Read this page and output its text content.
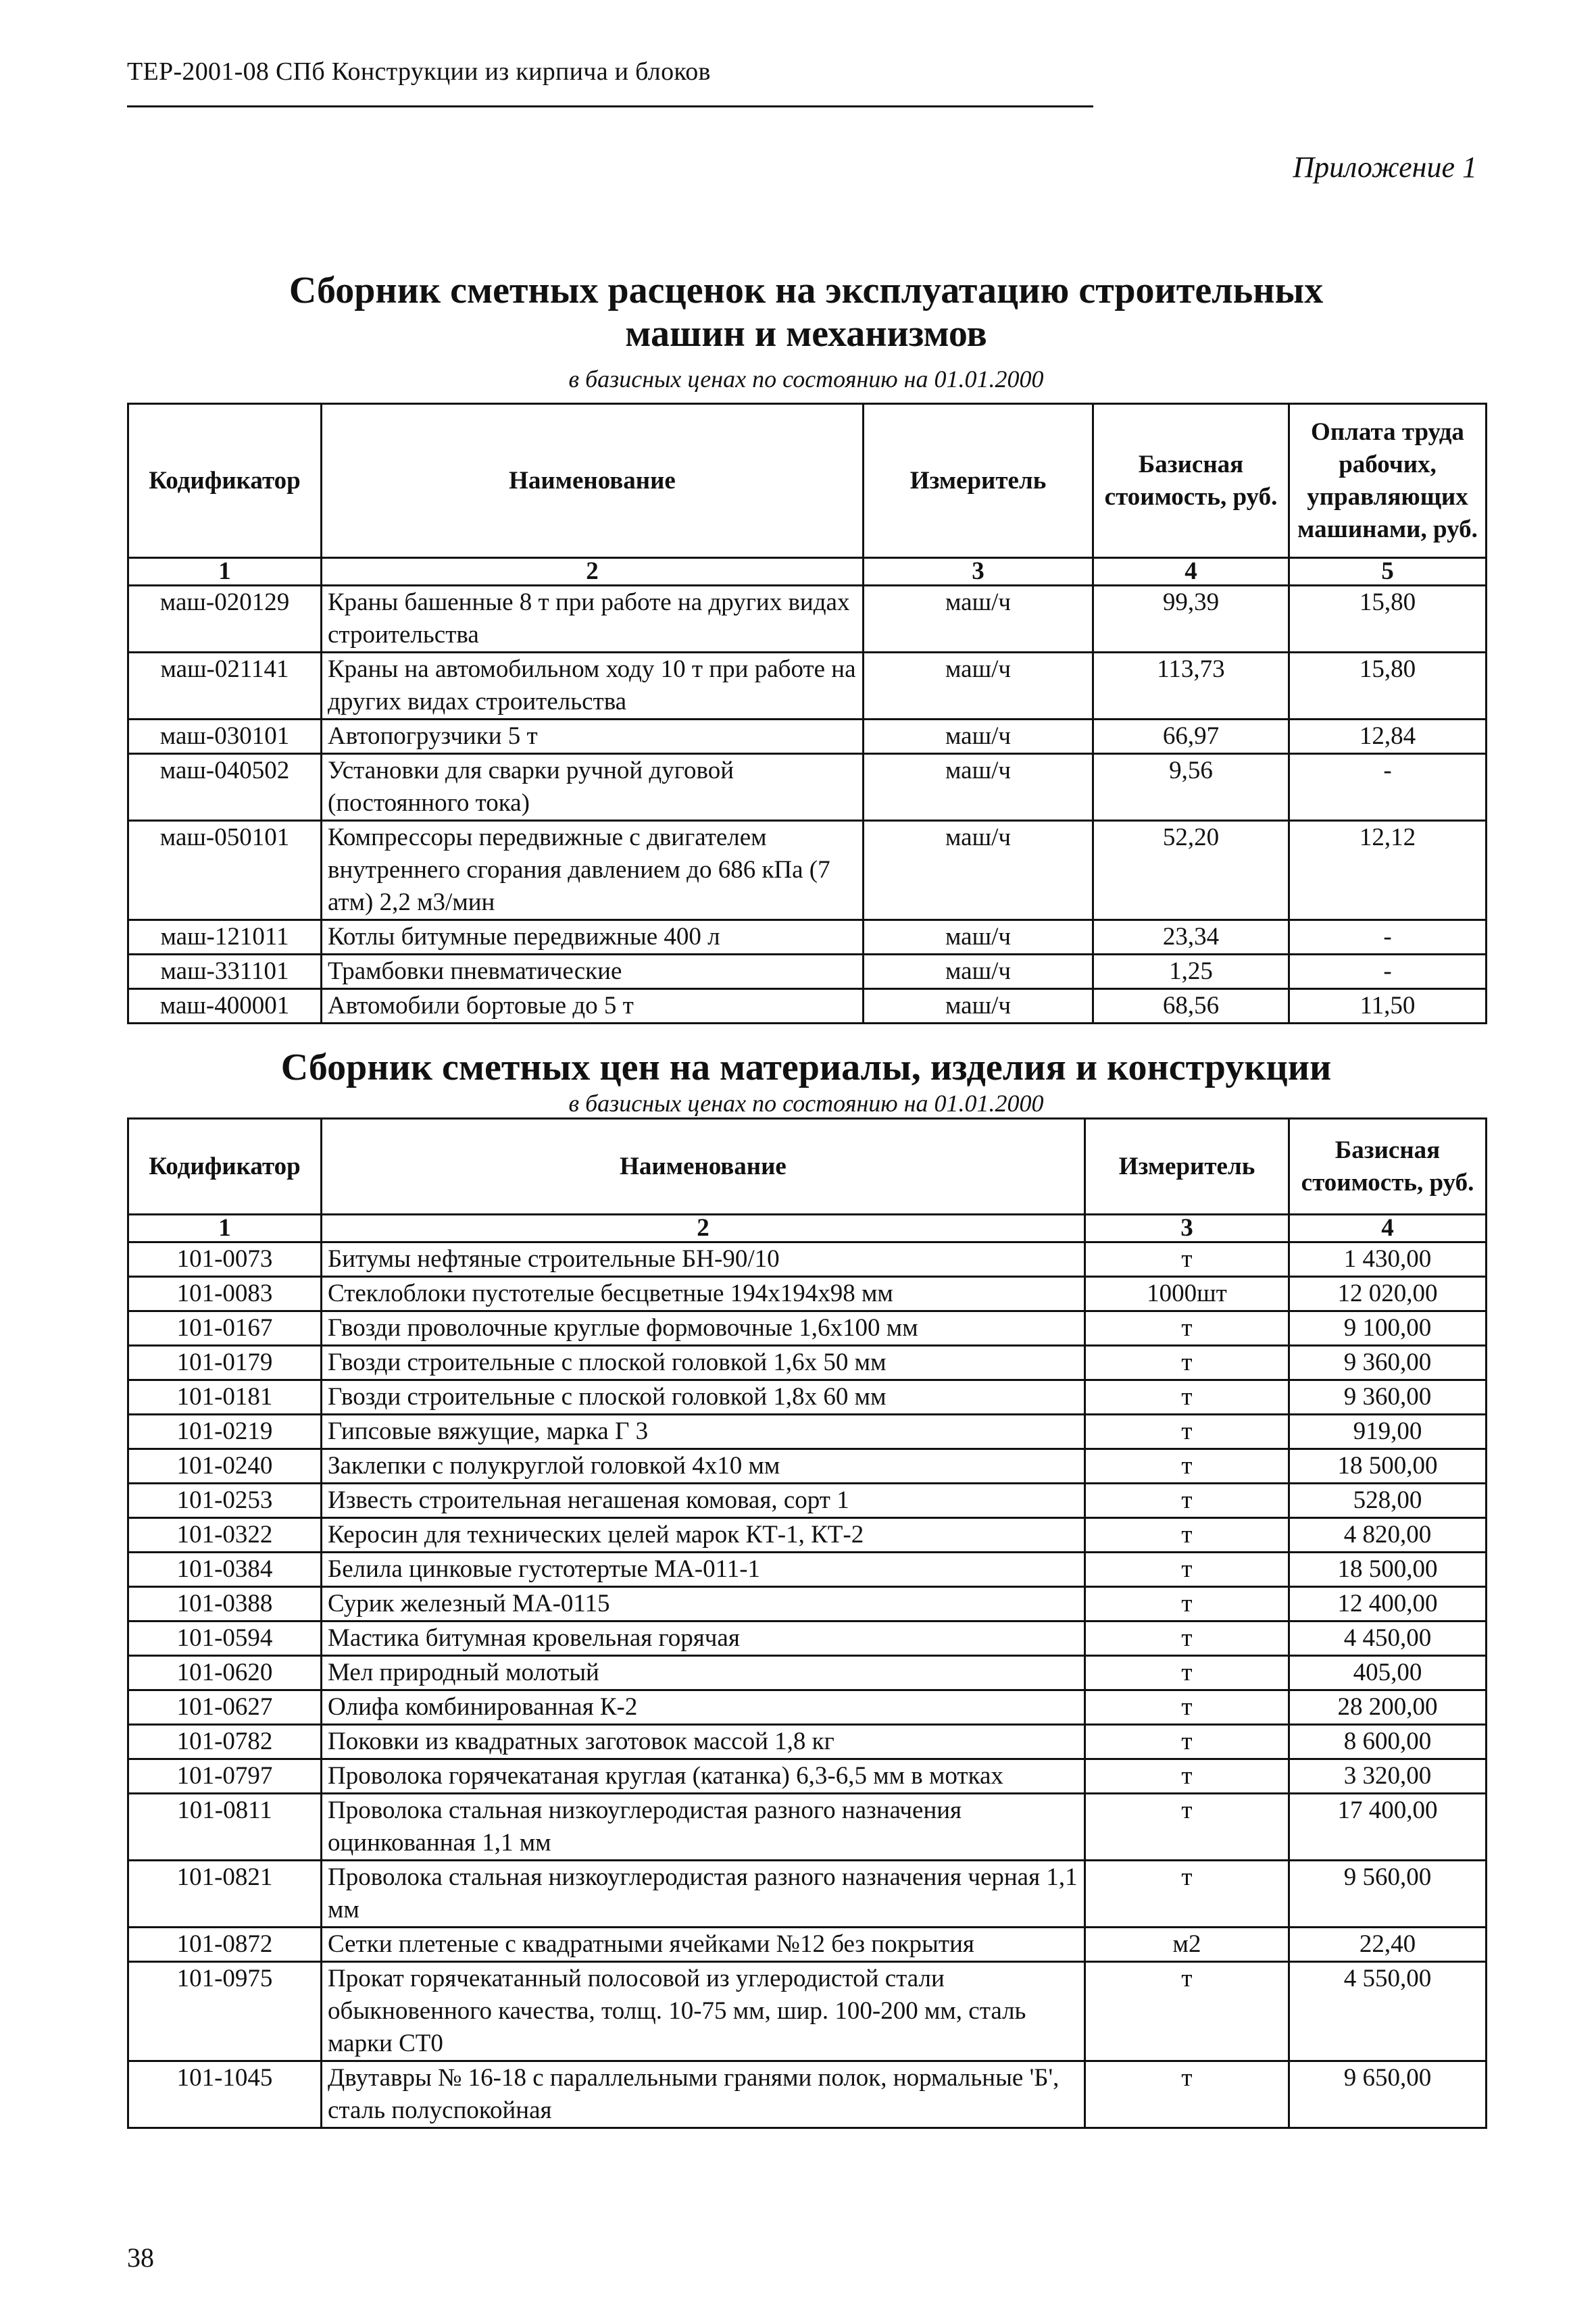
ТЕР-2001-08 СПб Конструкции из кирпича и блоков
Приложение 1
Сборник сметных расценок на эксплуатацию строительных
машин и механизмов
в базисных ценах по состоянию на 01.01.2000
Кодификатор	Наименование	Измеритель	Базисная стоимость, руб.	Оплата труда рабочих, управляющих машинами, руб.
1	2	3	4	5
маш-020129	Краны башенные 8 т при работе на других видах строительства	маш/ч	99,39	15,80
маш-021141	Краны на автомобильном ходу 10 т при работе на других видах строительства	маш/ч	113,73	15,80
маш-030101	Автопогрузчики 5 т	маш/ч	66,97	12,84
маш-040502	Установки для сварки ручной дуговой (постоянного тока)	маш/ч	9,56	-
маш-050101	Компрессоры передвижные с двигателем внутреннего сгорания давлением до 686 кПа (7 атм) 2,2 м3/мин	маш/ч	52,20	12,12
маш-121011	Котлы битумные передвижные 400 л	маш/ч	23,34	-
маш-331101	Трамбовки пневматические	маш/ч	1,25	-
маш-400001	Автомобили бортовые до 5 т	маш/ч	68,56	11,50
Сборник сметных цен на материалы, изделия и конструкции
в базисных ценах по состоянию на 01.01.2000
Кодификатор	Наименование	Измеритель	Базисная стоимость, руб.
1	2	3	4
101-0073	Битумы нефтяные строительные БН-90/10	т	1 430,00
101-0083	Стеклоблоки пустотелые бесцветные 194x194x98 мм	1000шт	12 020,00
101-0167	Гвозди проволочные круглые формовочные 1,6x100 мм	т	9 100,00
101-0179	Гвозди строительные с плоской головкой 1,6x 50 мм	т	9 360,00
101-0181	Гвозди строительные с плоской головкой 1,8x 60 мм	т	9 360,00
101-0219	Гипсовые вяжущие, марка Г 3	т	919,00
101-0240	Заклепки с полукруглой головкой 4x10 мм	т	18 500,00
101-0253	Известь строительная негашеная комовая, сорт 1	т	528,00
101-0322	Керосин для технических целей марок КТ-1, КТ-2	т	4 820,00
101-0384	Белила цинковые густотертые МА-011-1	т	18 500,00
101-0388	Сурик железный МА-0115	т	12 400,00
101-0594	Мастика битумная кровельная горячая	т	4 450,00
101-0620	Мел природный молотый	т	405,00
101-0627	Олифа комбинированная К-2	т	28 200,00
101-0782	Поковки из квадратных заготовок массой 1,8 кг	т	8 600,00
101-0797	Проволока горячекатаная круглая (катанка) 6,3-6,5 мм в мотках	т	3 320,00
101-0811	Проволока стальная низкоуглеродистая разного назначения оцинкованная 1,1 мм	т	17 400,00
101-0821	Проволока стальная низкоуглеродистая разного назначения черная 1,1 мм	т	9 560,00
101-0872	Сетки плетеные с квадратными ячейками №12 без покрытия	м2	22,40
101-0975	Прокат горячекатанный полосовой из углеродистой стали обыкновенного качества, толщ. 10-75 мм, шир. 100-200 мм, сталь марки СТ0	т	4 550,00
101-1045	Двутавры № 16-18 с параллельными гранями полок, нормальные 'Б', сталь полуспокойная	т	9 650,00
38
